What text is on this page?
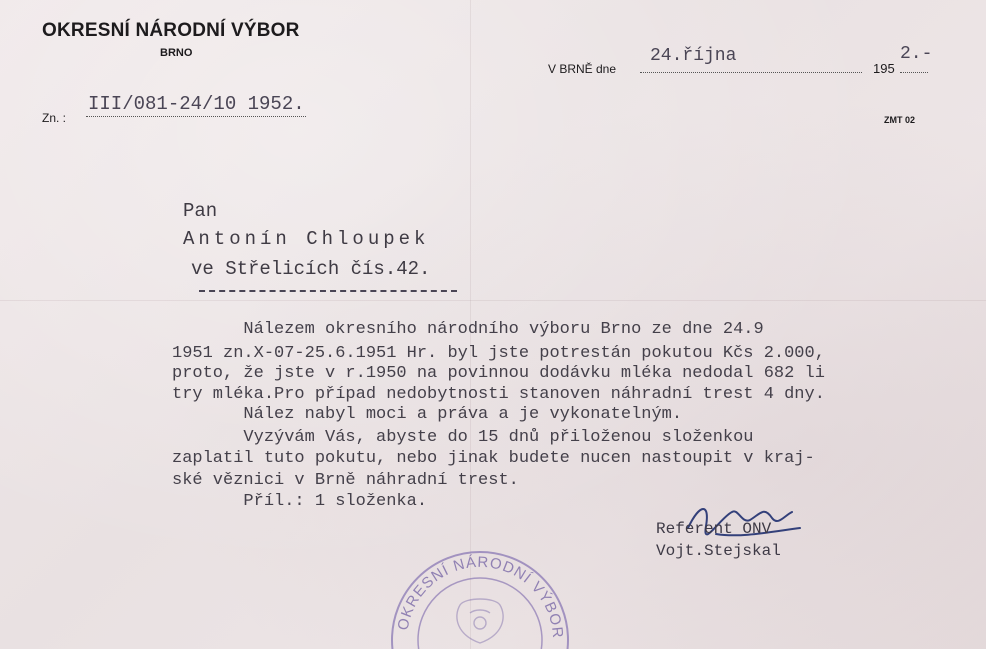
OKRESNÍ NÁRODNÍ VÝBOR
BRNO
Zn. :
III/081-24/10 1952.
V BRNĚ dne
24.října
195
2.-
ZMT 02
Pan
Antonín Chloupek
ve Střelicích čís.42.
Nálezem okresního národního výboru Brno ze dne 24.9
1951 zn.X-07-25.6.1951 Hr. byl jste potrestán pokutou Kčs 2.000,
proto, že jste v r.1950 na povinnou dodávku mléka nedodal 682 li
try mléka.Pro případ nedobytnosti stanoven náhradní trest 4 dny.
Nález nabyl moci a práva a je vykonatelným.
Vyzývám Vás, abyste do 15 dnů přiloženou složenkou
zaplatil tuto pokutu, nebo jinak budete nucen nastoupit v kraj-
ské věznici v Brně náhradní trest.
Příl.: 1 složenka.
Referent ONV
Vojt.Stejskal
OKRESNÍ NÁRODNÍ VÝBOR
